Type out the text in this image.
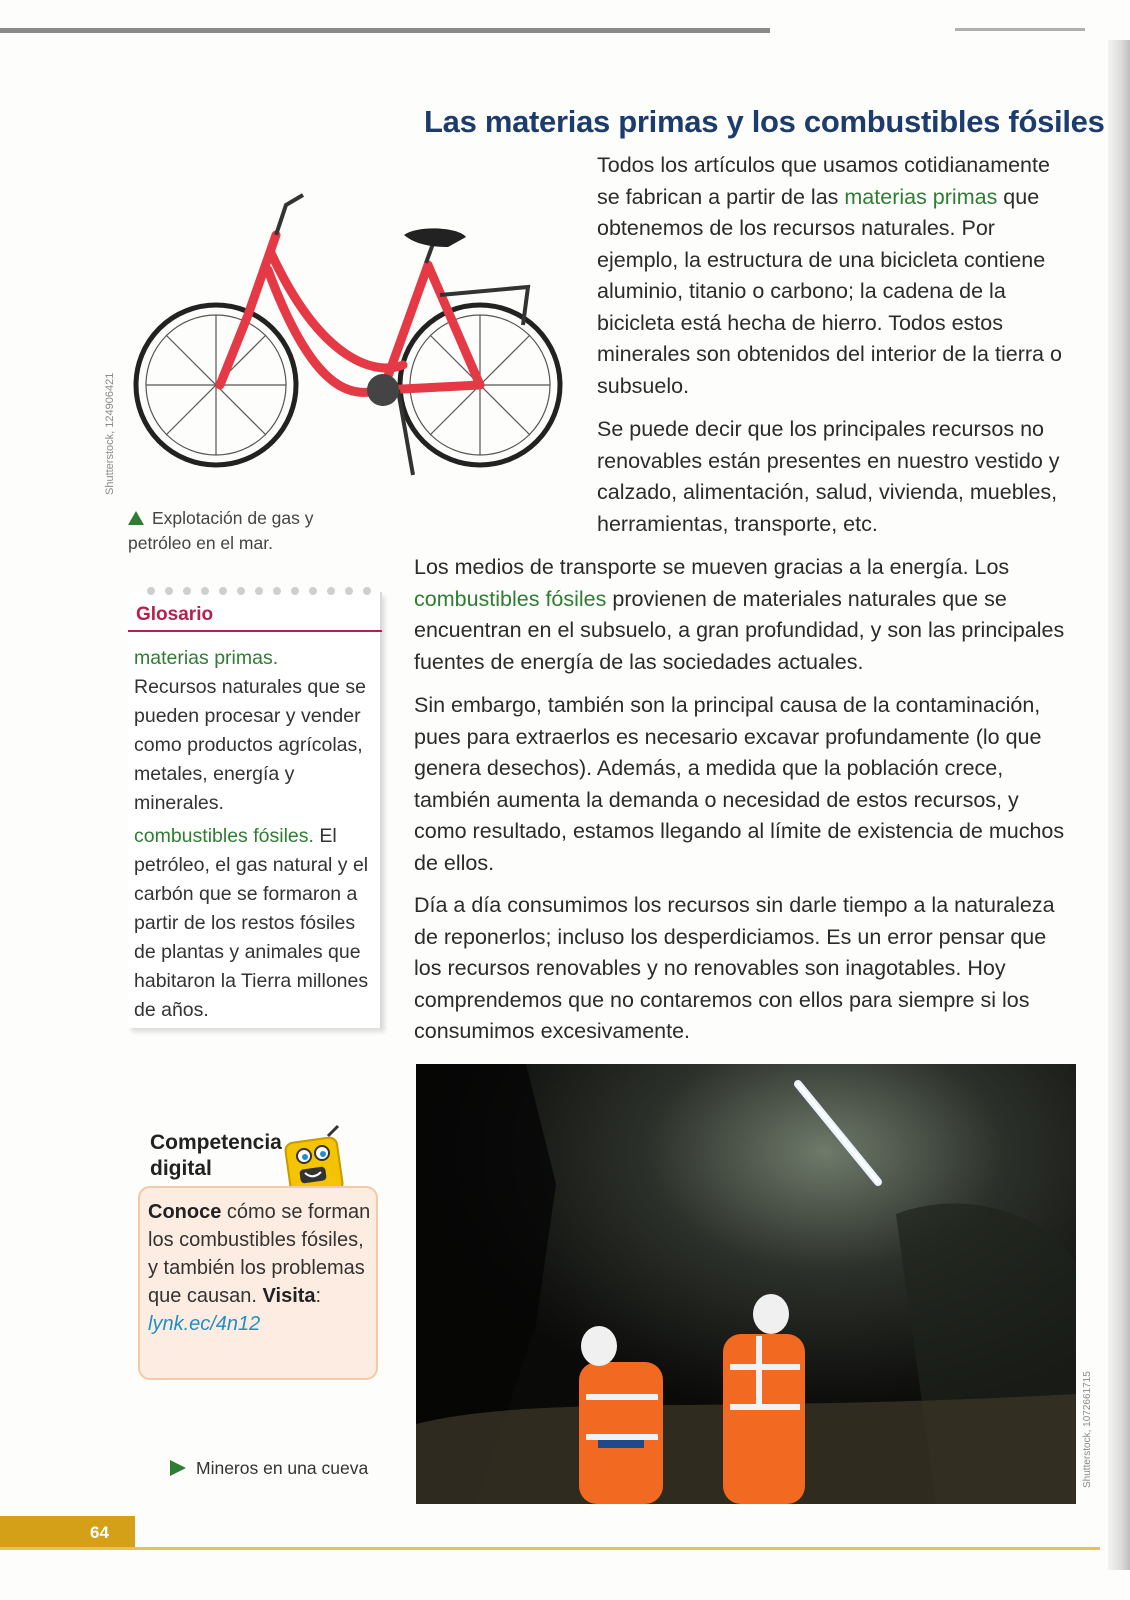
Las materias primas y los combustibles fósiles
Shutterstock, 124906421
Explotación de gas y petróleo en el mar.

Todos los artículos que usamos cotidianamente se fabrican a partir de las materias primas que obtenemos de los recursos naturales. Por ejemplo, la estructura de una bicicleta contiene aluminio, titanio o carbono; la cadena de la bicicleta está hecha de hierro. Todos estos minerales son obtenidos del interior de la tierra o subsuelo.

Se puede decir que los principales recursos no renovables están presentes en nuestro vestido y calzado, alimentación, salud, vivienda, muebles, herramientas, transporte, etc.

Los medios de transporte se mueven gracias a la energía. Los combustibles fósiles provienen de materiales naturales que se encuentran en el subsuelo, a gran profundidad, y son las principales fuentes de energía de las sociedades actuales.

Sin embargo, también son la principal causa de la contaminación, pues para extraerlos es necesario excavar profundamente (lo que genera desechos). Además, a medida que la población crece, también aumenta la demanda o necesidad de estos recursos, y como resultado, estamos llegando al límite de existencia de muchos de ellos.

Día a día consumimos los recursos sin darle tiempo a la naturaleza de reponerlos; incluso los desperdiciamos. Es un error pensar que los recursos renovables y no renovables son inagotables. Hoy comprendemos que no contaremos con ellos para siempre si los consumimos excesivamente.

Glosario
materias primas.
Recursos naturales que se pueden procesar y vender como productos agrícolas, metales, energía y minerales.
combustibles fósiles. El petróleo, el gas natural y el carbón que se formaron a partir de los restos fósiles de plantas y animales que habitaron la Tierra millones de años.
Competencia
digital

Conoce cómo se forman los combustibles fósiles, y también los problemas que causan. Visita:
lynk.ec/4n12

Shutterstock, 1072661715
Mineros en una cueva
64
